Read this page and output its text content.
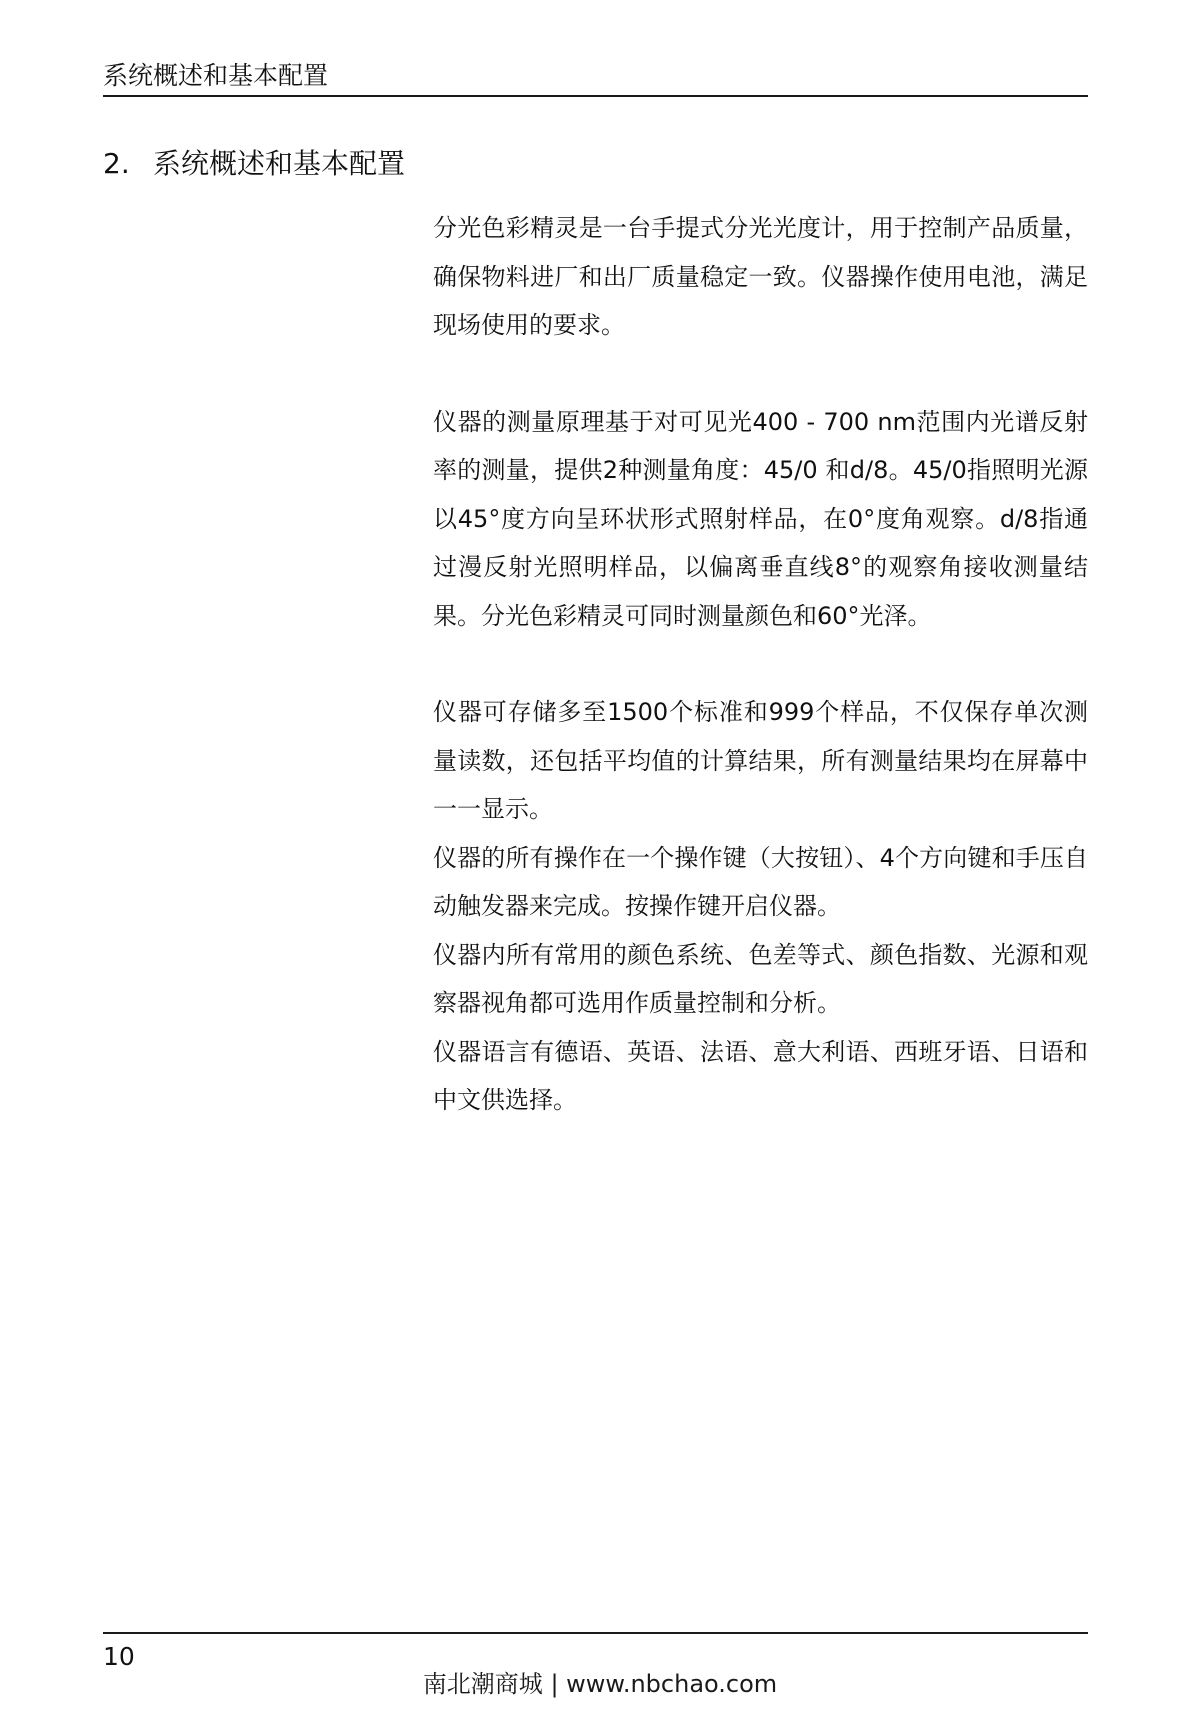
系统概述和基本配置
2. 系统概述和基本配置

分光色彩精灵是一台手提式分光光度计，用于控制产品质量，确保物料进厂和出厂质量稳定一致。仪器操作使用电池，满足现场使用的要求。

仪器的测量原理基于对可见光400 - 700 nm范围内光谱反射率的测量，提供2种测量角度：45/0 和d/8。45/0指照明光源以45°度方向呈环状形式照射样品，在0°度角观察。d/8指通过漫反射光照明样品，以偏离垂直线8°的观察角接收测量结果。分光色彩精灵可同时测量颜色和60°光泽。

仪器可存储多至1500个标准和999个样品，不仅保存单次测量读数，还包括平均值的计算结果，所有测量结果均在屏幕中一一显示。

仪器的所有操作在一个操作键（大按钮）、4个方向键和手压自动触发器来完成。按操作键开启仪器。

仪器内所有常用的颜色系统、色差等式、颜色指数、光源和观察器视角都可选用作质量控制和分析。

仪器语言有德语、英语、法语、意大利语、西班牙语、日语和中文供选择。

10
南北潮商城 | www.nbchao.com
